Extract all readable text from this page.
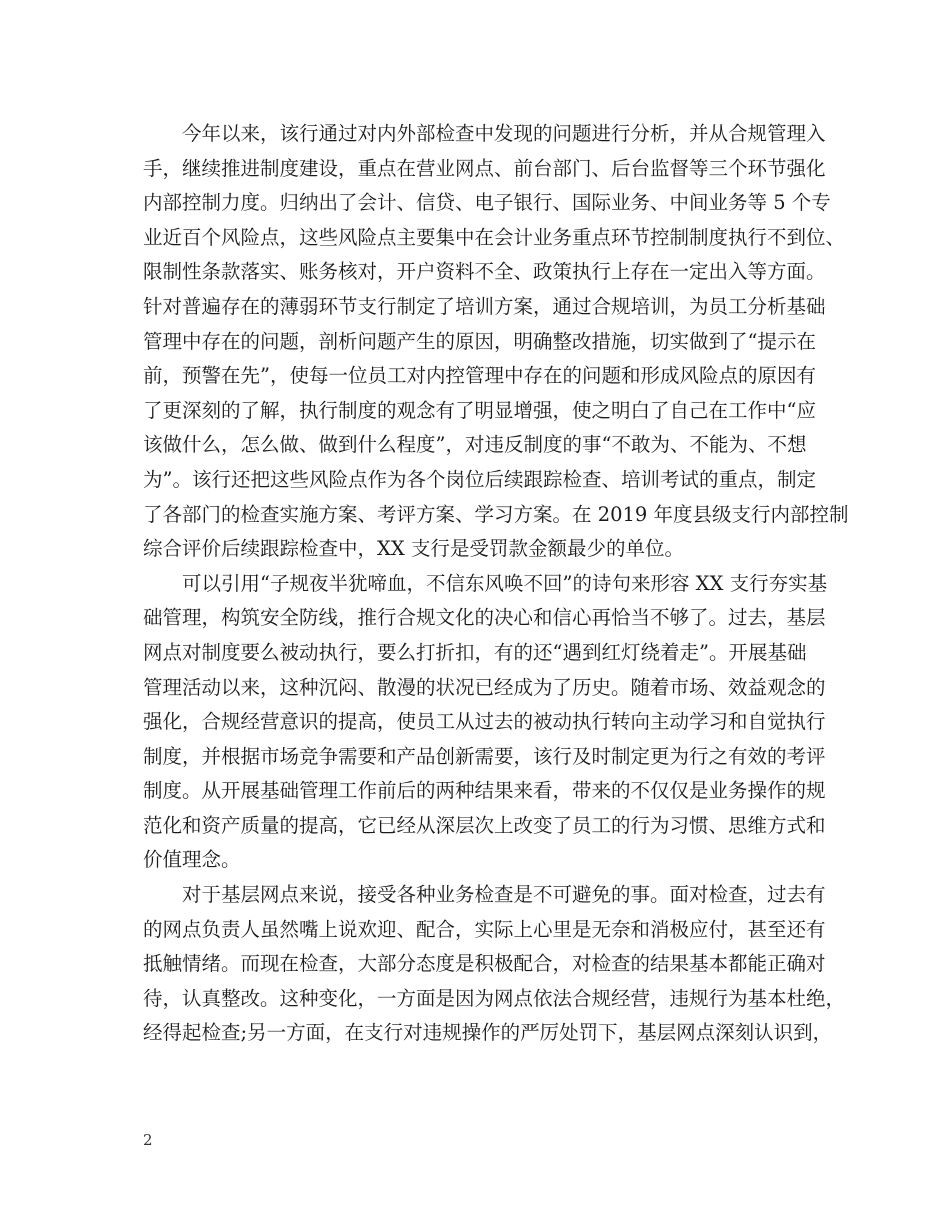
今年以来，该行通过对内外部检查中发现的问题进行分析，并从合规管理入
手，继续推进制度建设，重点在营业网点、前台部门、后台监督等三个环节强化
内部控制力度。归纳出了会计、信贷、电子银行、国际业务、中间业务等 5 个专
业近百个风险点，这些风险点主要集中在会计业务重点环节控制制度执行不到位、
限制性条款落实、账务核对，开户资料不全、政策执行上存在一定出入等方面。

针对普遍存在的薄弱环节支行制定了培训方案，通过合规培训，为员工分析基础
管理中存在的问题，剖析问题产生的原因，明确整改措施，切实做到了“提示在
前，预警在先”，使每一位员工对内控管理中存在的问题和形成风险点的原因有
了更深刻的了解，执行制度的观念有了明显增强，使之明白了自己在工作中“应
该做什么，怎么做、做到什么程度”，对违反制度的事“不敢为、不能为、不想
为”。该行还把这些风险点作为各个岗位后续跟踪检查、培训考试的重点，制定
了各部门的检查实施方案、考评方案、学习方案。在 2019 年度县级支行内部控制
综合评价后续跟踪检查中，XX 支行是受罚款金额最少的单位。

可以引用“子规夜半犹啼血，不信东风唤不回”的诗句来形容 XX 支行夯实基
础管理，构筑安全防线，推行合规文化的决心和信心再恰当不够了。过去，基层
网点对制度要么被动执行，要么打折扣，有的还“遇到红灯绕着走”。开展基础
管理活动以来，这种沉闷、散漫的状况已经成为了历史。随着市场、效益观念的
强化，合规经营意识的提高，使员工从过去的被动执行转向主动学习和自觉执行
制度，并根据市场竞争需要和产品创新需要，该行及时制定更为行之有效的考评
制度。从开展基础管理工作前后的两种结果来看，带来的不仅仅是业务操作的规
范化和资产质量的提高，它已经从深层次上改变了员工的行为习惯、思维方式和
价值理念。

对于基层网点来说，接受各种业务检查是不可避免的事。面对检查，过去有
的网点负责人虽然嘴上说欢迎、配合，实际上心里是无奈和消极应付，甚至还有
抵触情绪。而现在检查，大部分态度是积极配合，对检查的结果基本都能正确对
待，认真整改。这种变化，一方面是因为网点依法合规经营，违规行为基本杜绝，
经得起检查;另一方面，在支行对违规操作的严厉处罚下，基层网点深刻认识到，

2
